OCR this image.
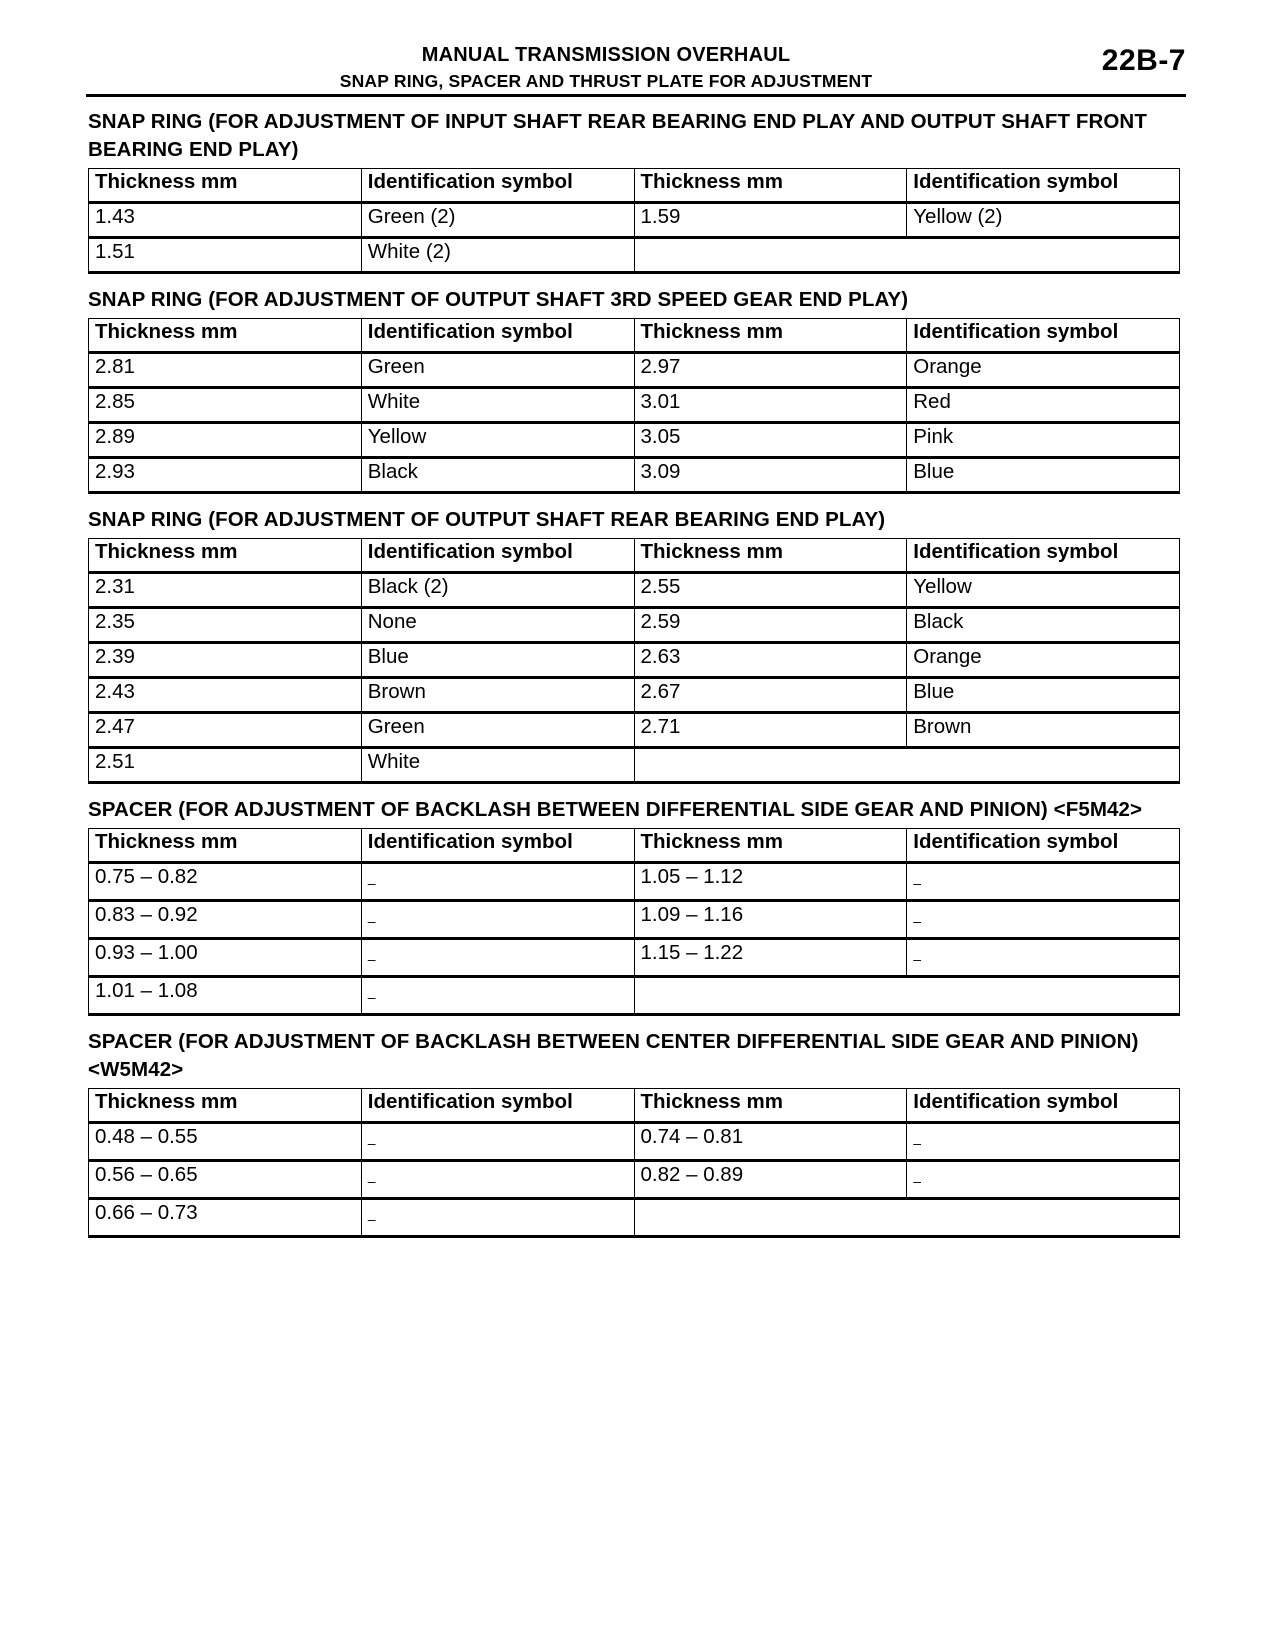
MANUAL TRANSMISSION OVERHAUL
SNAP RING, SPACER AND THRUST PLATE FOR ADJUSTMENT
22B-7
SNAP RING (FOR ADJUSTMENT OF INPUT SHAFT REAR BEARING END PLAY AND OUTPUT SHAFT FRONT BEARING END PLAY)
Thickness mm	Identification symbol	Thickness mm	Identification symbol
1.43	Green (2)	1.59	Yellow (2)
1.51	White (2)		
SNAP RING (FOR ADJUSTMENT OF OUTPUT SHAFT 3RD SPEED GEAR END PLAY)
Thickness mm	Identification symbol	Thickness mm	Identification symbol
2.81	Green	2.97	Orange
2.85	White	3.01	Red
2.89	Yellow	3.05	Pink
2.93	Black	3.09	Blue
SNAP RING (FOR ADJUSTMENT OF OUTPUT SHAFT REAR BEARING END PLAY)
Thickness mm	Identification symbol	Thickness mm	Identification symbol
2.31	Black (2)	2.55	Yellow
2.35	None	2.59	Black
2.39	Blue	2.63	Orange
2.43	Brown	2.67	Blue
2.47	Green	2.71	Brown
2.51	White		
SPACER (FOR ADJUSTMENT OF BACKLASH BETWEEN DIFFERENTIAL SIDE GEAR AND PINION) <F5M42>
Thickness mm	Identification symbol	Thickness mm	Identification symbol
0.75 – 0.82	–	1.05 – 1.12	–
0.83 – 0.92	–	1.09 – 1.16	–
0.93 – 1.00	–	1.15 – 1.22	–
1.01 – 1.08	–		
SPACER (FOR ADJUSTMENT OF BACKLASH BETWEEN CENTER DIFFERENTIAL SIDE GEAR AND PINION) <W5M42>
Thickness mm	Identification symbol	Thickness mm	Identification symbol
0.48 – 0.55	–	0.74 – 0.81	–
0.56 – 0.65	–	0.82 – 0.89	–
0.66 – 0.73	–		
